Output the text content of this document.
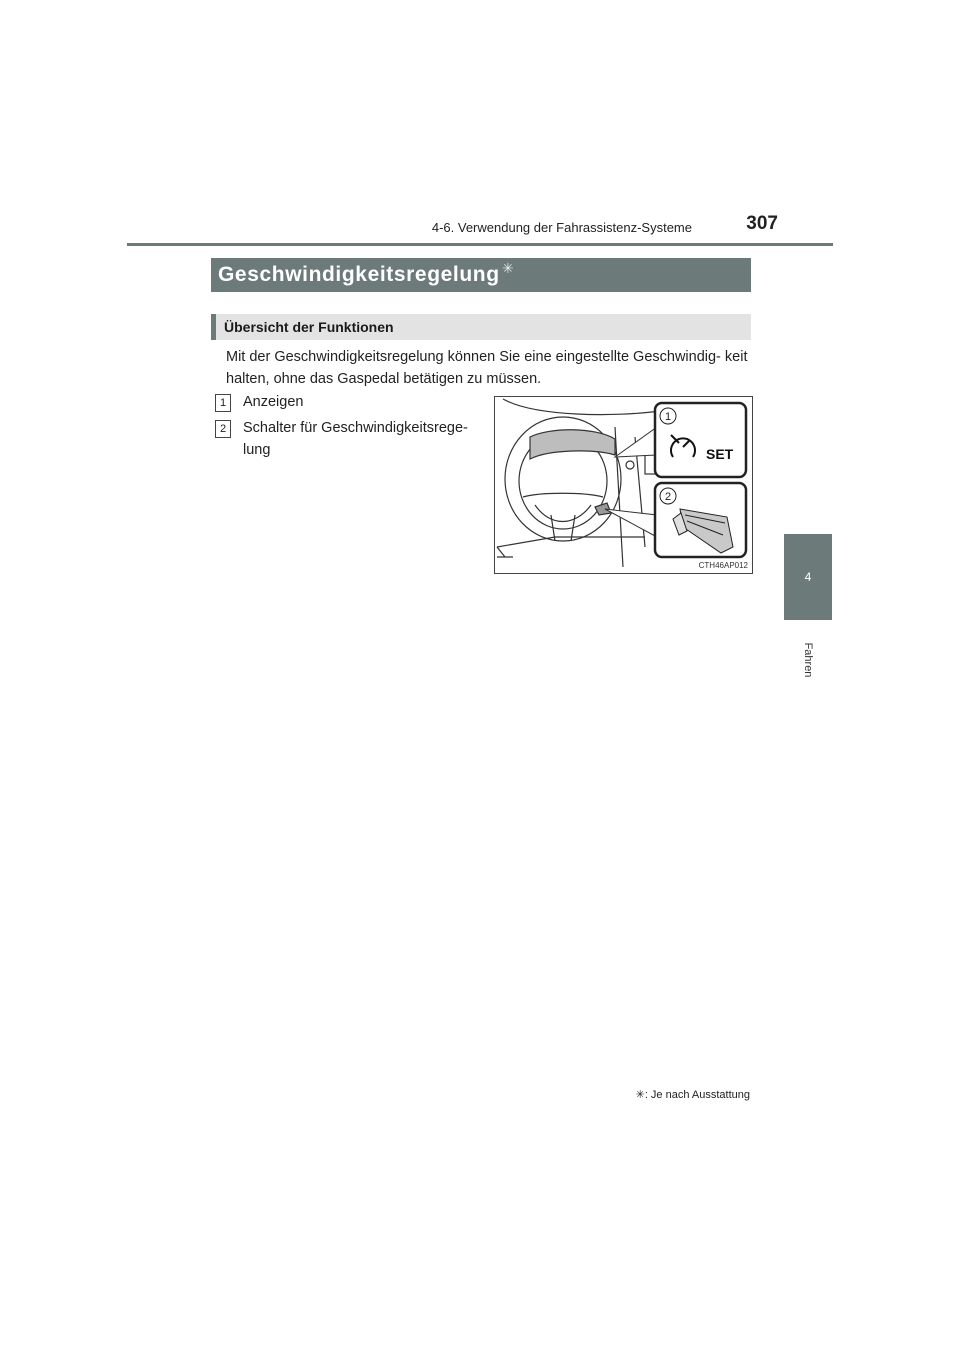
4-6. Verwendung der Fahrassistenz-Systeme	307
4
Fahren
Geschwindigkeitsregelung ✳
Übersicht der Funktionen
Mit der Geschwindigkeitsregelung können Sie eine eingestellte Geschwindig- keit halten, ohne das Gaspedal betätigen zu müssen.
1	Anzeigen
2	Schalter für Geschwindigkeitsrege- lung
1
SET
2
CTH46AP012
✳: Je nach Ausstattung
